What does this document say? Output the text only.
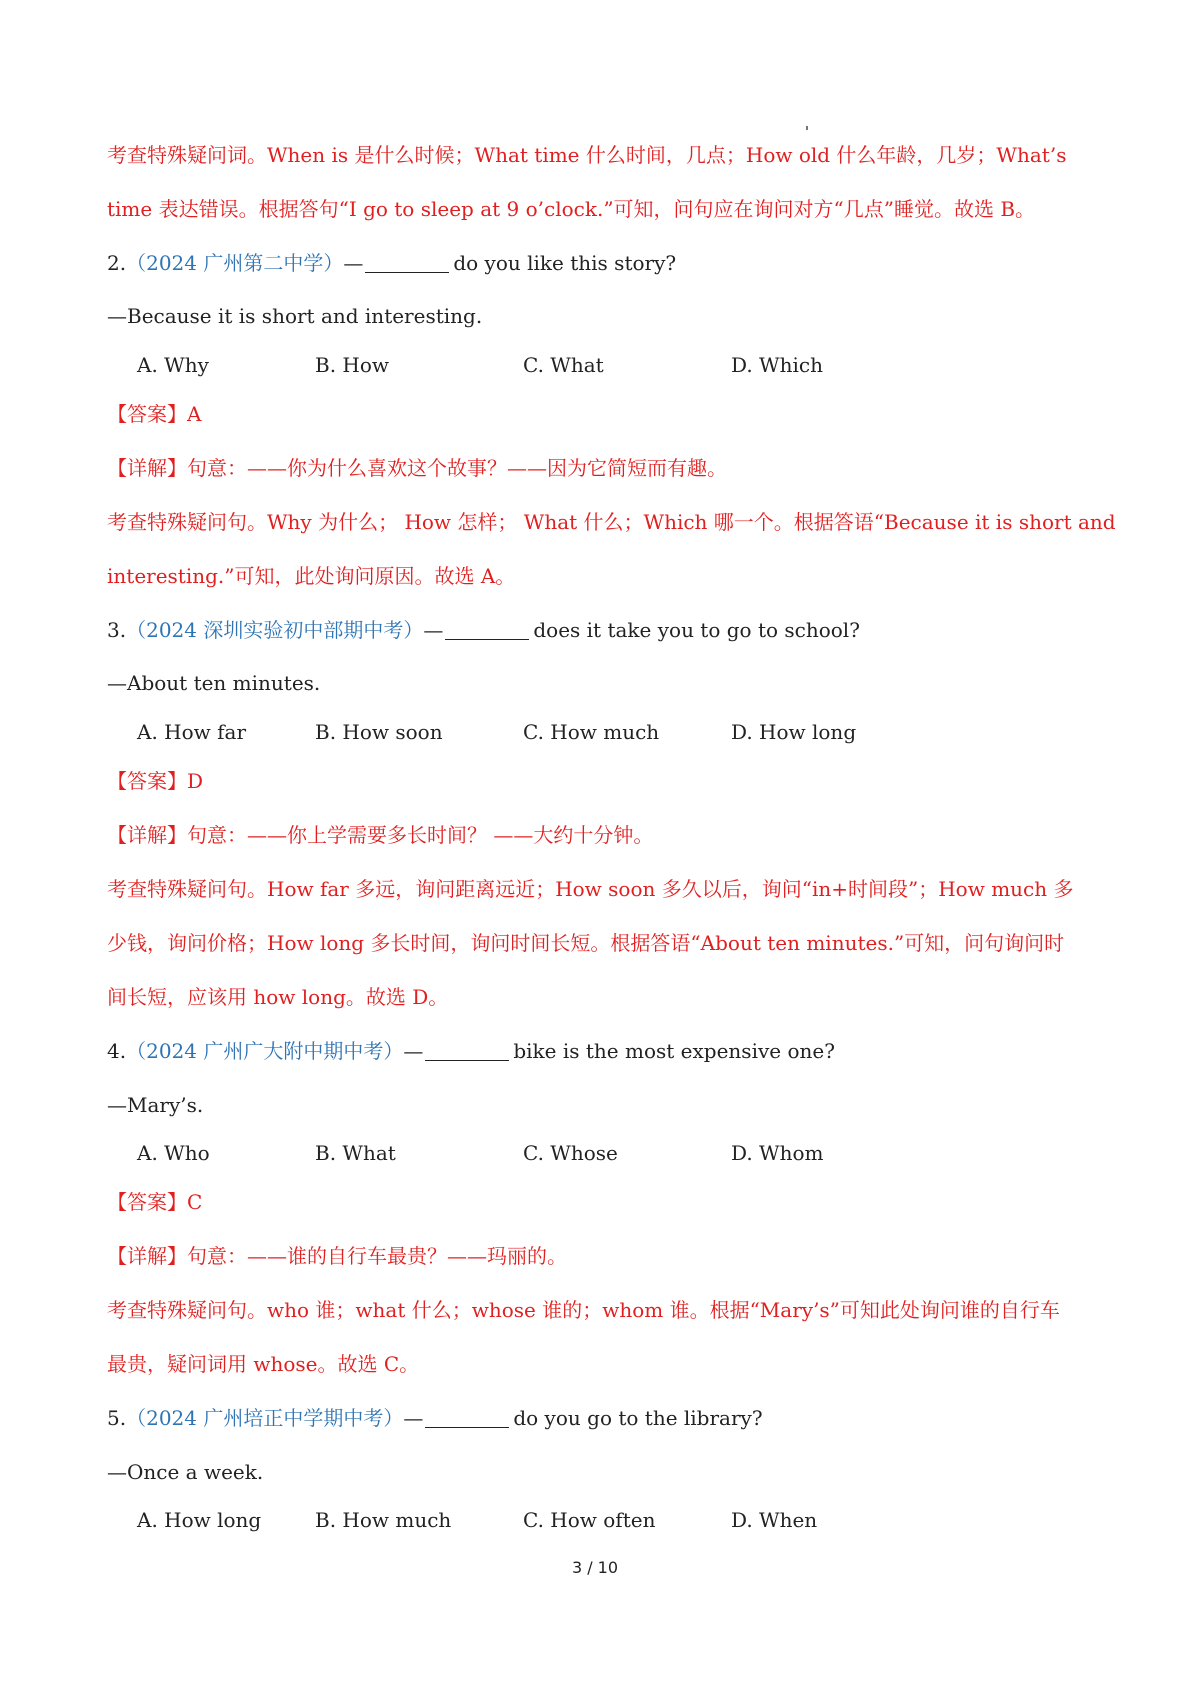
考查特殊疑问词。When is 是什么时候；What time 什么时间，几点；How old 什么年龄，几岁；What’s
time 表达错误。根据答句“I go to sleep at 9 o’clock.”可知，问句应在询问对方“几点”睡觉。故选 B。
2.（2024 广州第二中学）—	do you like this story?
—Because it is short and interesting.
A. Why	B. How	C. What	D. Which
【答案】A
【详解】句意：——你为什么喜欢这个故事？——因为它简短而有趣。
考查特殊疑问句。Why 为什么； How 怎样； What 什么；Which 哪一个。根据答语“Because it is short and
interesting.”可知，此处询问原因。故选 A。
3.（2024 深圳实验初中部期中考）—	does it take you to go to school?
—About ten minutes.
A. How far	B. How soon	C. How much	D. How long
【答案】D
【详解】句意：——你上学需要多长时间？ ——大约十分钟。
考查特殊疑问句。How far 多远，询问距离远近；How soon 多久以后，询问“in+时间段”；How much 多
少钱，询问价格；How long 多长时间，询问时间长短。根据答语“About ten minutes.”可知，问句询问时
间长短，应该用 how long。故选 D。
4.（2024 广州广大附中期中考）—	bike is the most expensive one?
—Mary’s.
A. Who	B. What	C. Whose	D. Whom
【答案】C
【详解】句意：——谁的自行车最贵？——玛丽的。
考查特殊疑问句。who 谁；what 什么；whose 谁的；whom 谁。根据“Mary’s”可知此处询问谁的自行车
最贵，疑问词用 whose。故选 C。
5.（2024 广州培正中学期中考）—	do you go to the library?
—Once a week.
A. How long	B. How much	C. How often	D. When
3 / 10
